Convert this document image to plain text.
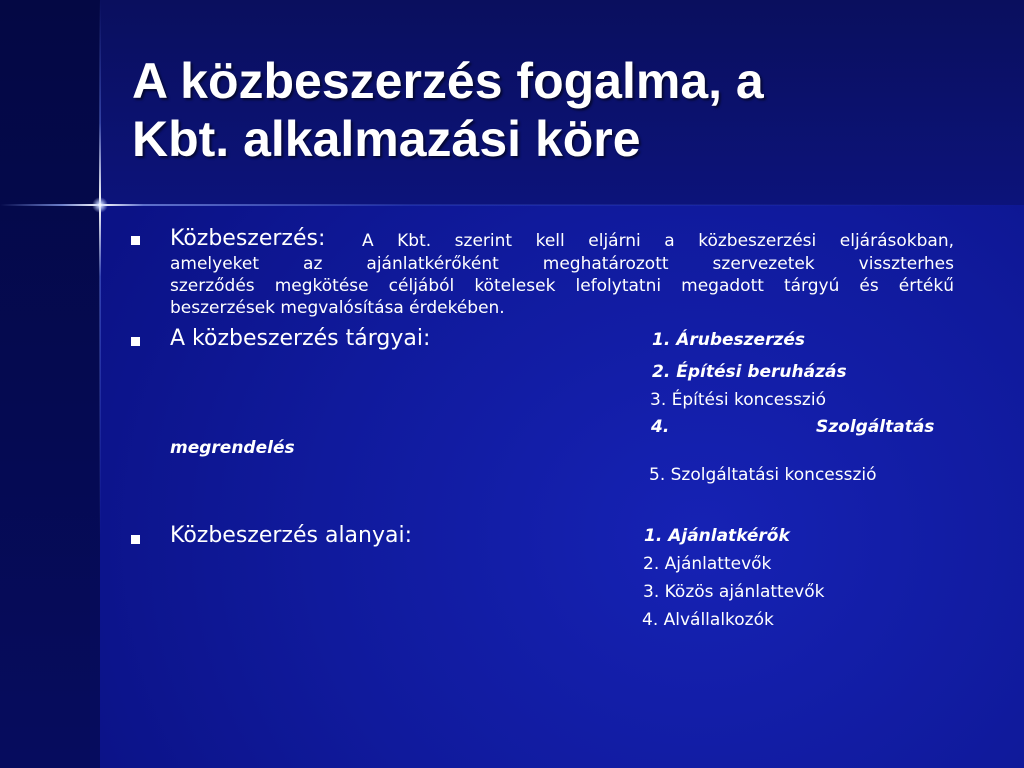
A közbeszerzés fogalma, a
Kbt. alkalmazási köre
Közbeszerzés: A Kbt. szerint kell eljárni a közbeszerzési eljárásokban,
amelyeket az ajánlatkérőként meghatározott szervezetek visszterhes
szerződés megkötése céljából kötelesek lefolytatni megadott tárgyú és értékű
beszerzések megvalósítása érdekében.
A közbeszerzés tárgyai:	1. Árubeszerzés
2. Építési beruházás
3. Építési koncesszió
4.	Szolgáltatás
megrendelés
5. Szolgáltatási koncesszió
Közbeszerzés alanyai:	1. Ajánlatkérők
2. Ajánlattevők
3. Közös ajánlattevők
4. Alvállalkozók
